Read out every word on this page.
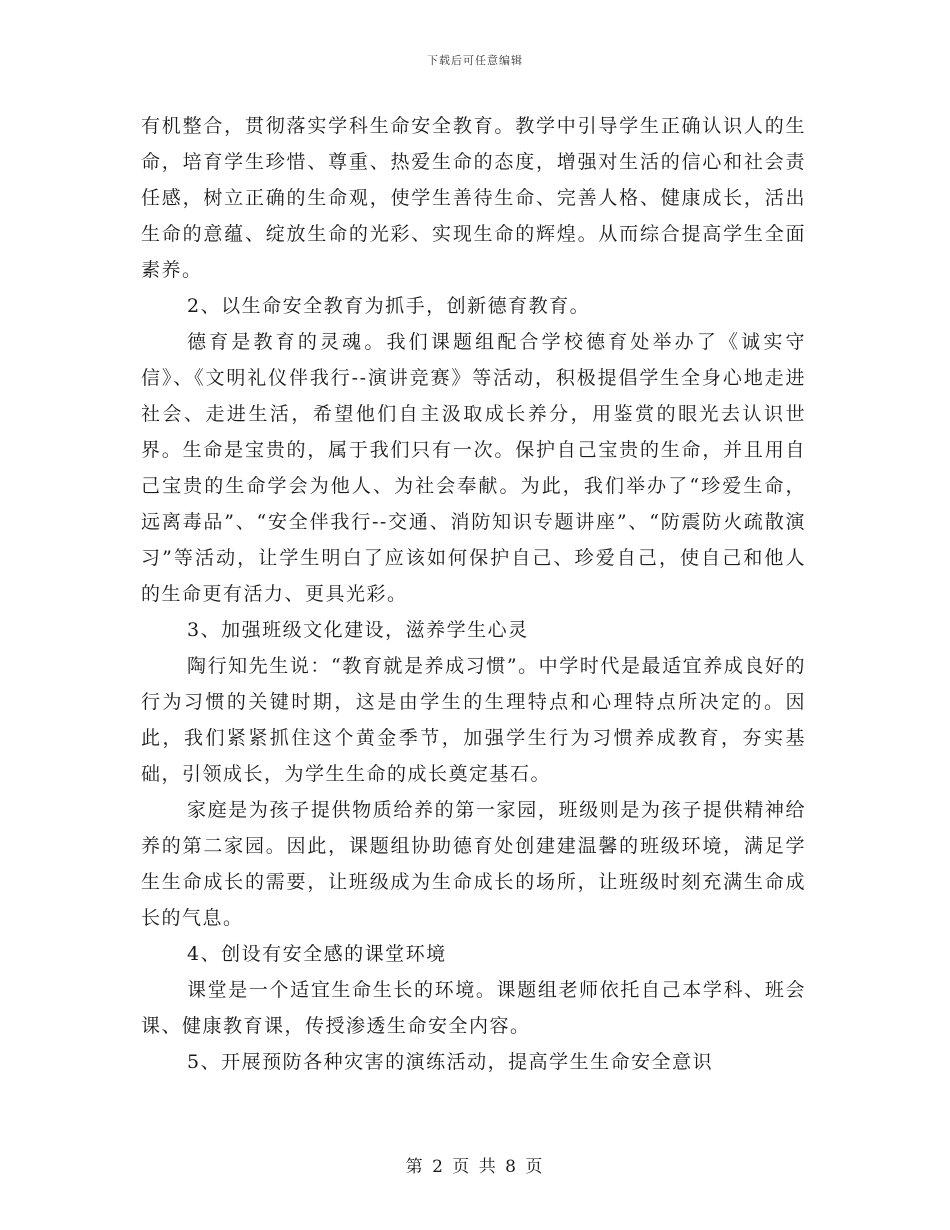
下载后可任意编辑

有机整合，贯彻落实学科生命安全教育。教学中引导学生正确认识人的生命，培育学生珍惜、尊重、热爱生命的态度，增强对生活的信心和社会责任感，树立正确的生命观，使学生善待生命、完善人格、健康成长，活出生命的意蕴、绽放生命的光彩、实现生命的辉煌。从而综合提高学生全面素养。

2、以生命安全教育为抓手，创新德育教育。

德育是教育的灵魂。我们课题组配合学校德育处举办了《诚实守信》、《文明礼仪伴我行--演讲竞赛》等活动，积极提倡学生全身心地走进社会、走进生活，希望他们自主汲取成长养分，用鉴赏的眼光去认识世界。生命是宝贵的，属于我们只有一次。保护自己宝贵的生命，并且用自己宝贵的生命学会为他人、为社会奉献。为此，我们举办了“珍爱生命，远离毒品”、“安全伴我行--交通、消防知识专题讲座”、“防震防火疏散演习”等活动，让学生明白了应该如何保护自己、珍爱自己，使自己和他人的生命更有活力、更具光彩。

3、加强班级文化建设，滋养学生心灵

陶行知先生说：“教育就是养成习惯”。中学时代是最适宜养成良好的行为习惯的关键时期，这是由学生的生理特点和心理特点所决定的。因此，我们紧紧抓住这个黄金季节，加强学生行为习惯养成教育，夯实基础，引领成长，为学生生命的成长奠定基石。

家庭是为孩子提供物质给养的第一家园，班级则是为孩子提供精神给养的第二家园。因此，课题组协助德育处创建建温馨的班级环境，满足学生生命成长的需要，让班级成为生命成长的场所，让班级时刻充满生命成长的气息。

4、创设有安全感的课堂环境

课堂是一个适宜生命生长的环境。课题组老师依托自己本学科、班会课、健康教育课，传授渗透生命安全内容。

5、开展预防各种灾害的演练活动，提高学生生命安全意识

第 2 页 共 8 页
